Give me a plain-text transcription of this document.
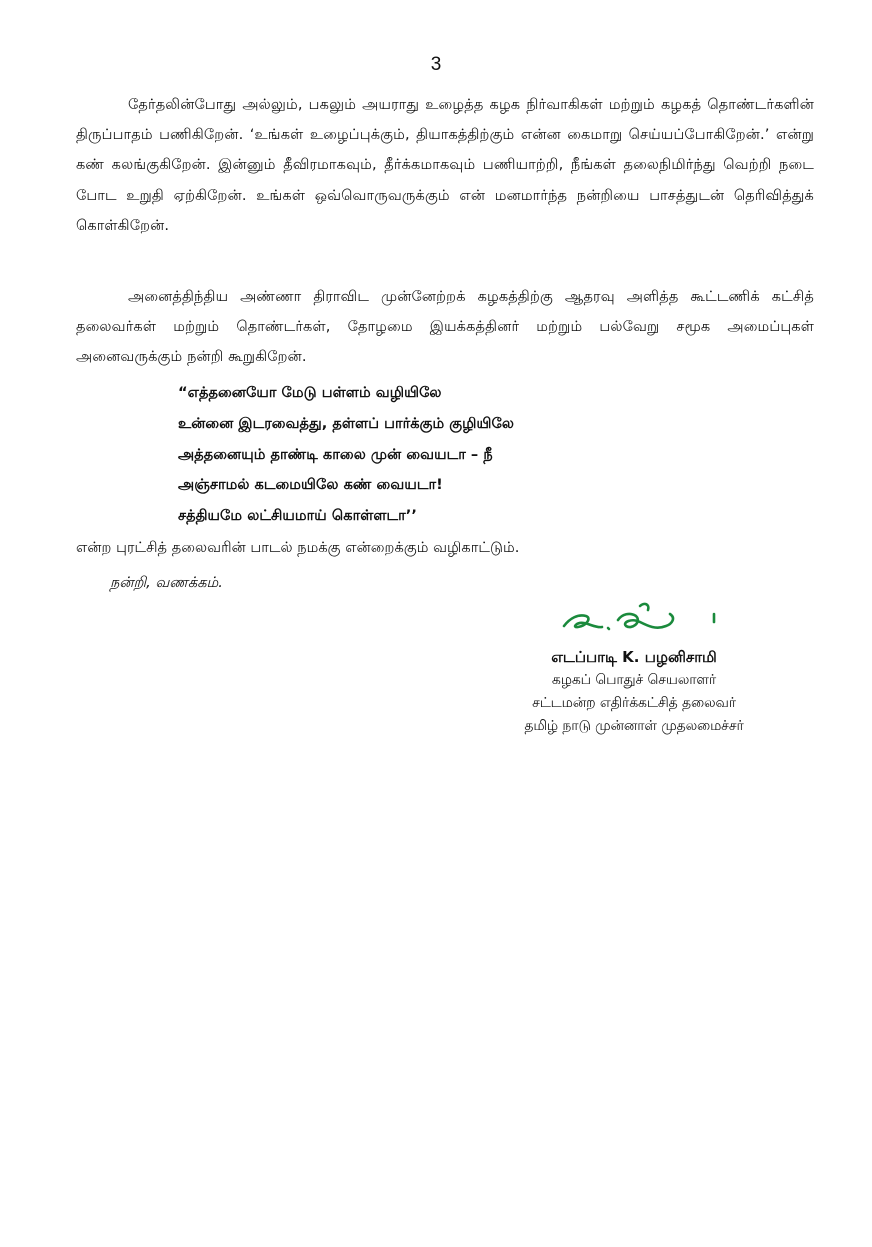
3
தேர்தலின்போது அல்லும், பகலும் அயராது உழைத்த கழக நிர்வாகிகள் மற்றும் கழகத் தொண்டர்களின் திருப்பாதம் பணிகிறேன். ‘உங்கள் உழைப்புக்கும், தியாகத்திற்கும் என்ன கைமாறு செய்யப்போகிறேன்.’ என்று கண் கலங்குகிறேன். இன்னும் தீவிரமாகவும், தீர்க்கமாகவும் பணியாற்றி, நீங்கள் தலைநிமிர்ந்து வெற்றி நடை போட உறுதி ஏற்கிறேன். உங்கள் ஒவ்வொருவருக்கும் என் மனமார்ந்த நன்றியை பாசத்துடன் தெரிவித்துக் கொள்கிறேன்.
அனைத்திந்திய அண்ணா திராவிட முன்னேற்றக் கழகத்திற்கு ஆதரவு அளித்த கூட்டணிக் கட்சித் தலைவர்கள் மற்றும் தொண்டர்கள், தோழமை இயக்கத்தினர் மற்றும் பல்வேறு சமூக அமைப்புகள் அனைவருக்கும் நன்றி கூறுகிறேன்.
“எத்தனையோ மேடு பள்ளம் வழியிலே
உன்னை இடரவைத்து, தள்ளப் பார்க்கும் குழியிலே
அத்தனையும் தாண்டி காலை முன் வையடா – நீ
அஞ்சாமல் கடமையிலே கண் வையடா!
சத்தியமே லட்சியமாய் கொள்ளடா’’
என்ற புரட்சித் தலைவரின் பாடல் நமக்கு என்றைக்கும் வழிகாட்டும்.
நன்றி, வணக்கம்.
எடப்பாடி K. பழனிசாமி
கழகப் பொதுச் செயலாளர்
சட்டமன்ற எதிர்க்கட்சித் தலைவர்
தமிழ் நாடு முன்னாள் முதலமைச்சர்
